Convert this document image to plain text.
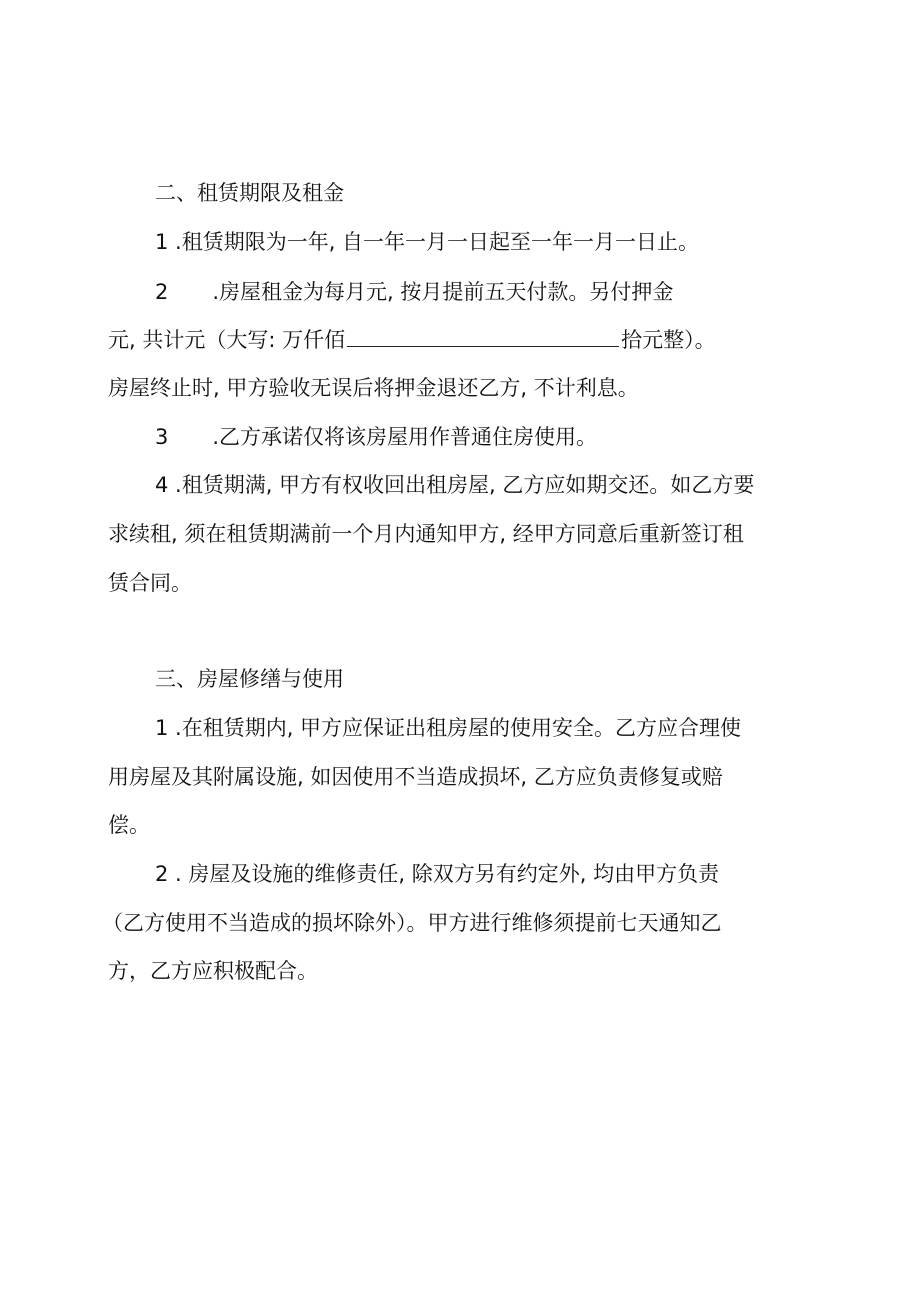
二、租赁期限及租金
1 .租赁期限为一年, 自一年一月一日起至一年一月一日止。
2 .房屋租金为每月元, 按月提前五天付款。另付押金
元, 共计元（大写: 万仟佰	拾元整）。
房屋终止时, 甲方验收无误后将押金退还乙方, 不计利息。
3 .乙方承诺仅将该房屋用作普通住房使用。
4 .租赁期满, 甲方有权收回出租房屋, 乙方应如期交还。如乙方要
求续租, 须在租赁期满前一个月内通知甲方, 经甲方同意后重新签订租
赁合同。
三、房屋修缮与使用
1 .在租赁期内, 甲方应保证出租房屋的使用安全。乙方应合理使
用房屋及其附属设施, 如因使用不当造成损坏, 乙方应负责修复或赔
偿。
2 . 房屋及设施的维修责任, 除双方另有约定外, 均由甲方负责
（乙方使用不当造成的损坏除外）。甲方进行维修须提前七天通知乙
方，乙方应积极配合。
